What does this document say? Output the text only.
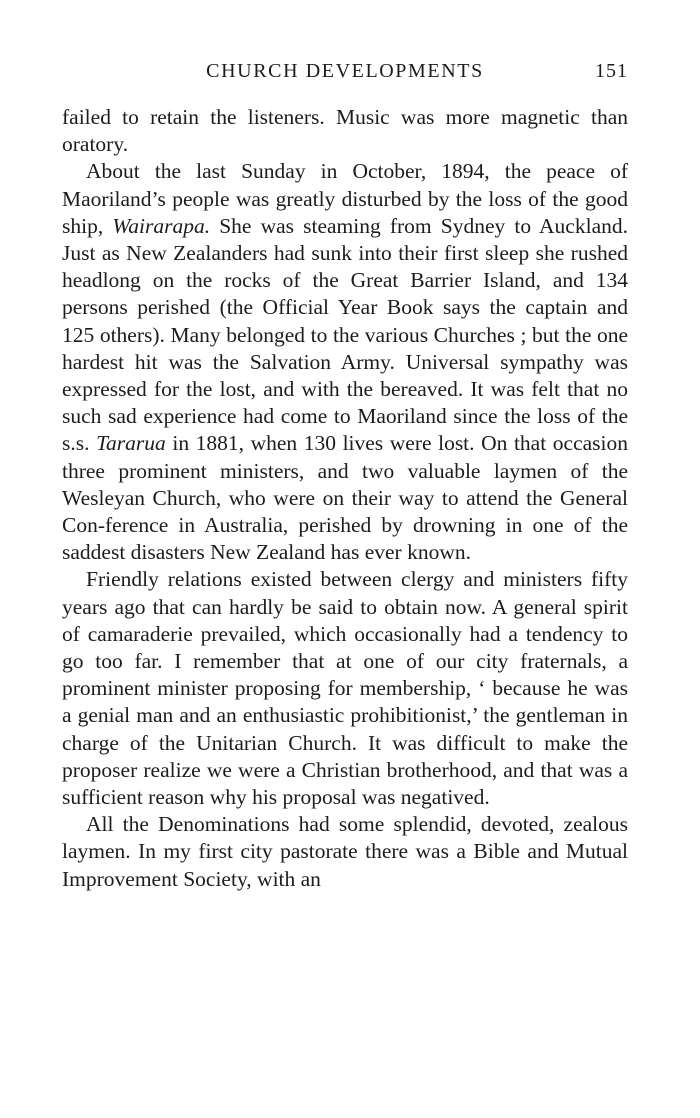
CHURCH DEVELOPMENTS	151

failed to retain the listeners. Music was more magnetic than oratory.

About the last Sunday in October, 1894, the peace of Maoriland’s people was greatly disturbed by the loss of the good ship, Wairarapa. She was steaming from Sydney to Auckland. Just as New Zealanders had sunk into their first sleep she rushed headlong on the rocks of the Great Barrier Island, and 134 persons perished (the Official Year Book says the captain and 125 others). Many belonged to the various Churches ; but the one hardest hit was the Salvation Army. Universal sympathy was expressed for the lost, and with the bereaved. It was felt that no such sad experience had come to Maoriland since the loss of the s.s. Tararua in 1881, when 130 lives were lost. On that occasion three prominent ministers, and two valuable laymen of the Wesleyan Church, who were on their way to attend the General Con-ference in Australia, perished by drowning in one of the saddest disasters New Zealand has ever known.

Friendly relations existed between clergy and ministers fifty years ago that can hardly be said to obtain now. A general spirit of camaraderie prevailed, which occasionally had a tendency to go too far. I remember that at one of our city fraternals, a prominent minister proposing for membership, ‘ because he was a genial man and an enthusiastic prohibitionist,’ the gentleman in charge of the Unitarian Church. It was difficult to make the proposer realize we were a Christian brotherhood, and that was a sufficient reason why his proposal was negatived.

All the Denominations had some splendid, devoted, zealous laymen. In my first city pastorate there was a Bible and Mutual Improvement Society, with an
